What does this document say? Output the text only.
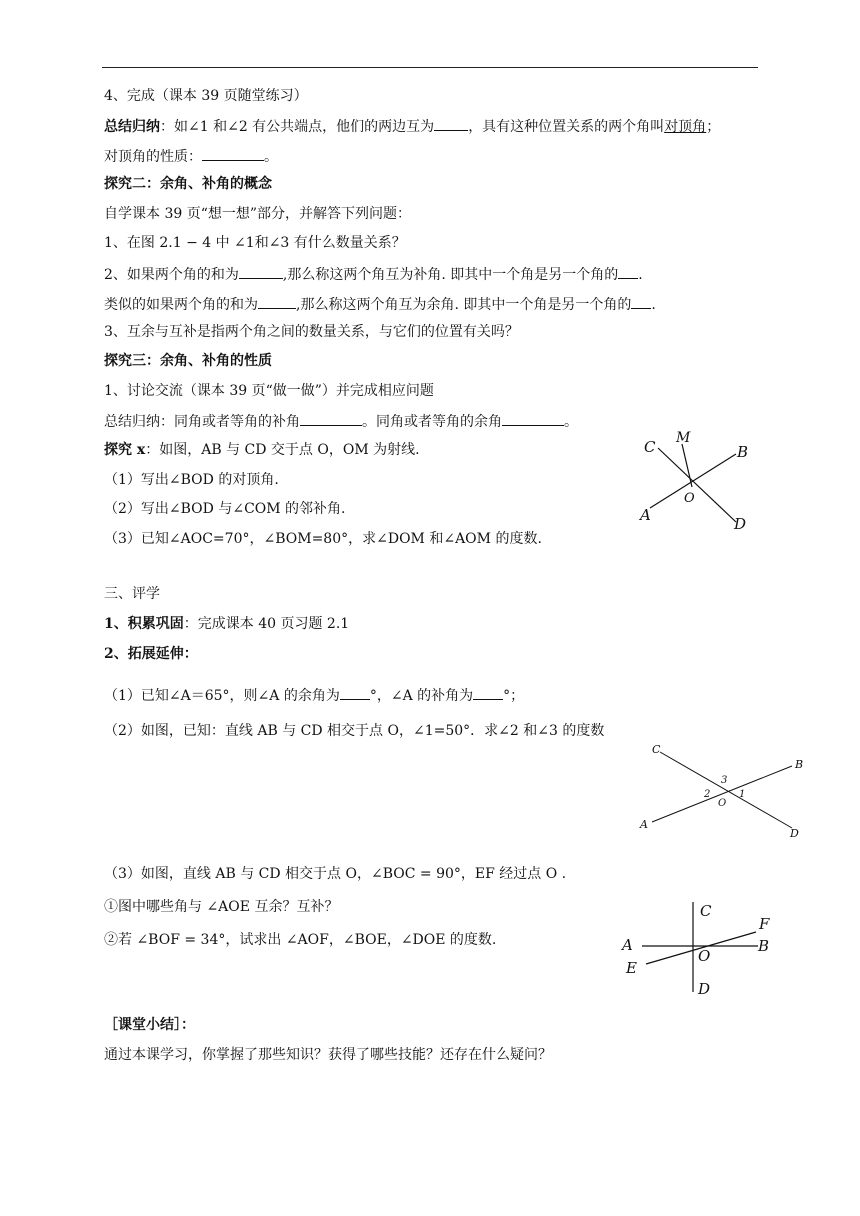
4、完成（课本 39 页随堂练习）
总结归纳：如∠1 和∠2 有公共端点，他们的两边互为 ，具有这种位置关系的两个角叫对顶角；
对顶角的性质：	。
探究二：余角、补角的概念
自学课本 39 页“想一想”部分，并解答下列问题：
1、在图 2.1 − 4 中 ∠1和∠3 有什么数量关系？
2、如果两个角的和为	,那么称这两个角互为补角. 即其中一个角是另一个角的 .
类似的如果两个角的和为	,那么称这两个角互为余角. 即其中一个角是另一个角的 .
3、互余与互补是指两个角之间的数量关系，与它们的位置有关吗？
探究三：余角、补角的性质
1、讨论交流（课本 39 页“做一做”）并完成相应问题
总结归纳：同角或者等角的补角	。同角或者等角的余角	。
探究 x：如图，AB 与 CD 交于点 O，OM 为射线.
（1）写出∠BOD 的对顶角.
（2）写出∠BOD 与∠COM 的邻补角.
（3）已知∠AOC=70°，∠BOM=80°，求∠DOM 和∠AOM 的度数.
C M
B
O
A	D
三、评学
1、积累巩固：完成课本 40 页习题 2.1
2、拓展延伸：
（1）已知∠A＝65°，则∠A 的余角为 °，∠A 的补角为 °；
（2）如图，已知：直线 AB 与 CD 相交于点 O，∠1=50°．求∠2 和∠3 的度数
C
B
A
D
O
1
2
3
（3）如图，直线 AB 与 CD 相交于点 O，∠BOC = 90°，EF 经过点 O .
①图中哪些角与 ∠AOE 互余？互补？
②若 ∠BOF = 34°，试求出 ∠AOF，∠BOE，∠DOE 的度数.
C
F
A	B
E
O
D
［课堂小结］：
通过本课学习，你掌握了那些知识？获得了哪些技能？还存在什么疑问？
